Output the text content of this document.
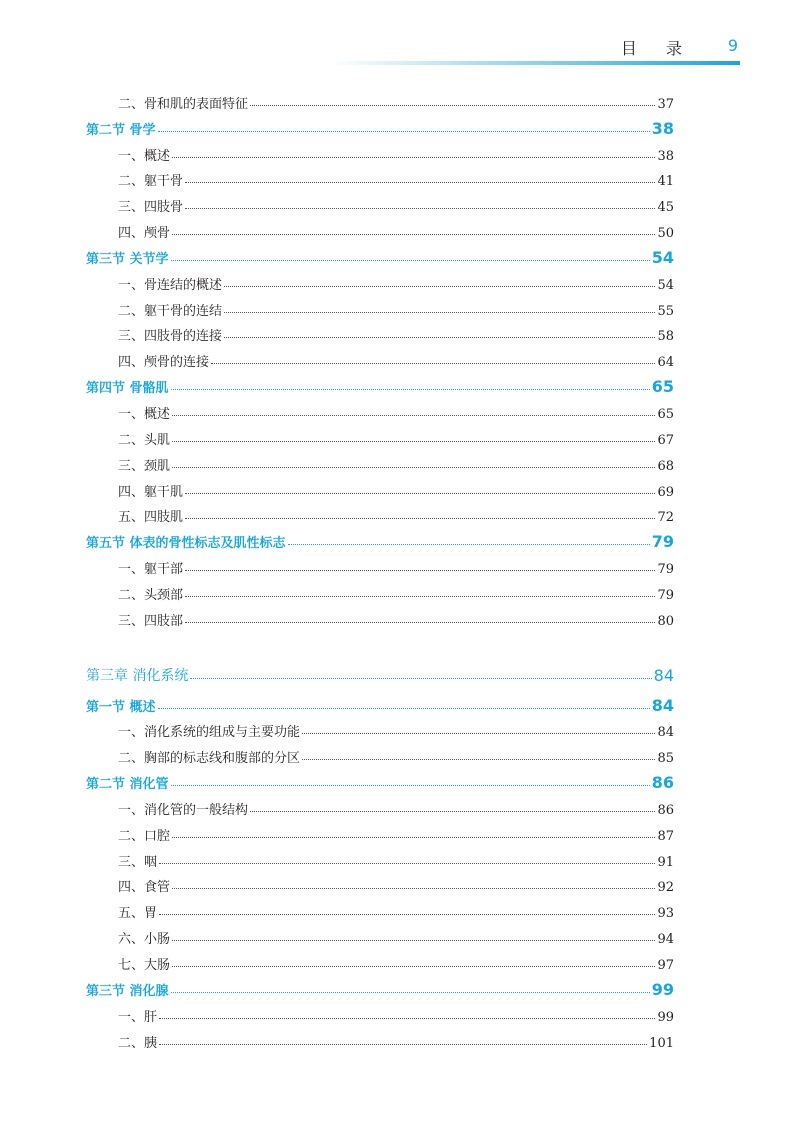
目 录 9
二、骨和肌的表面特征	37
第二节 骨学	38
一、概述	38
二、躯干骨	41
三、四肢骨	45
四、颅骨	50
第三节 关节学	54
一、骨连结的概述	54
二、躯干骨的连结	55
三、四肢骨的连接	58
四、颅骨的连接	64
第四节 骨骼肌	65
一、概述	65
二、头肌	67
三、颈肌	68
四、躯干肌	69
五、四肢肌	72
第五节 体表的骨性标志及肌性标志	79
一、躯干部	79
二、头颈部	79
三、四肢部	80
第三章 消化系统	84
第一节 概述	84
一、消化系统的组成与主要功能	84
二、胸部的标志线和腹部的分区	85
第二节 消化管	86
一、消化管的一般结构	86
二、口腔	87
三、咽	91
四、食管	92
五、胃	93
六、小肠	94
七、大肠	97
第三节 消化腺	99
一、肝	99
二、胰	101
